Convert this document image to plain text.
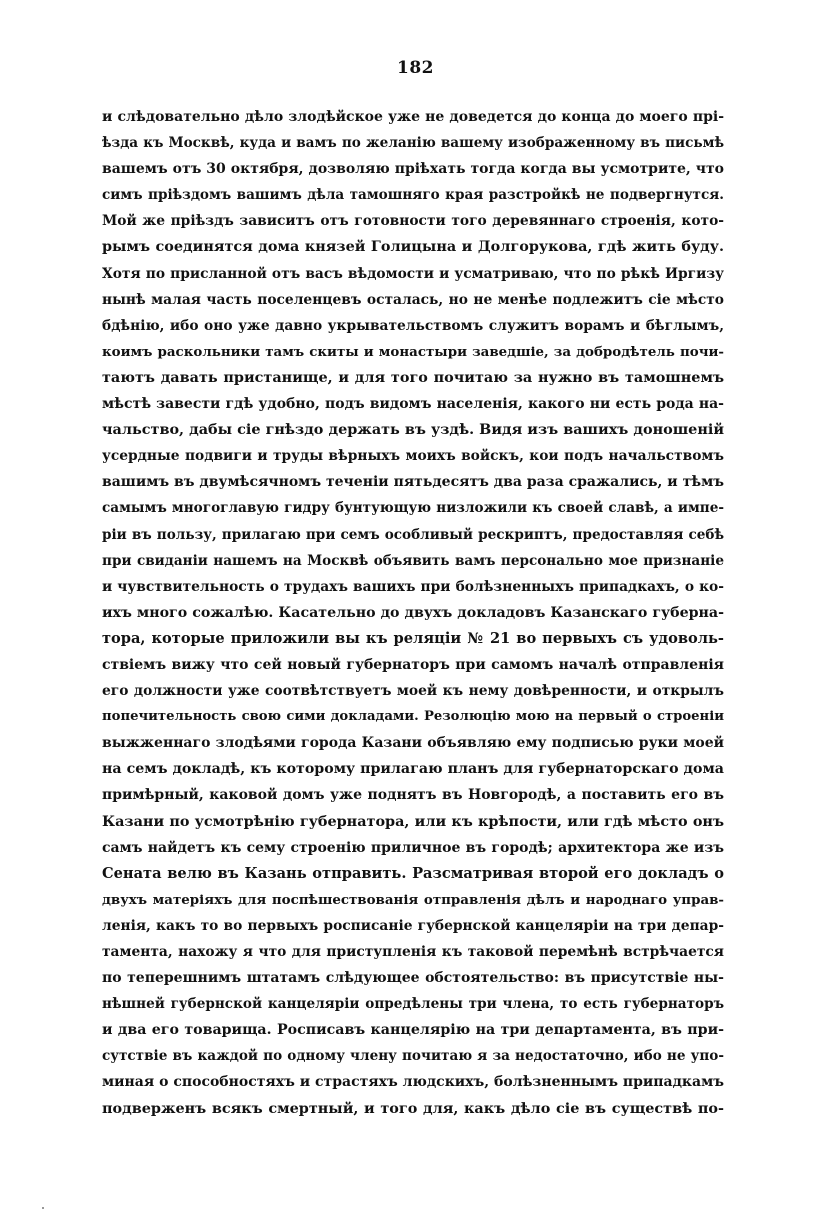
182
и слѣдовательно дѣло злодѣйское уже не доведется до конца до моего прі-
ѣзда къ Москвѣ, куда и вамъ по желанію вашему изображенному въ письмѣ
вашемъ отъ 30 октября, дозволяю пріѣхать тогда когда вы усмотрите, что
симъ пріѣздомъ вашимъ дѣла тамошняго края разстройкѣ не подвергнутся.
Мой же пріѣздъ зависитъ отъ готовности того деревяннаго строенія, кото-
рымъ соединятся дома князей Голицына и Долгорукова, гдѣ жить буду.
Хотя по присланной отъ васъ вѣдомости и усматриваю, что по рѣкѣ Иргизу
нынѣ малая часть поселенцевъ осталась, но не менѣе подлежитъ сіе мѣсто
бдѣнію, ибо оно уже давно укрывательствомъ служитъ ворамъ и бѣглымъ,
коимъ раскольники тамъ скиты и монастыри заведшіе, за добродѣтель почи-
таютъ давать пристанище, и для того почитаю за нужно въ тамошнемъ
мѣстѣ завести гдѣ удобно, подъ видомъ населенія, какого ни есть рода на-
чальство, дабы сіе гнѣздо держать въ уздѣ. Видя изъ вашихъ доношеній
усердные подвиги и труды вѣрныхъ моихъ войскъ, кои подъ начальствомъ
вашимъ въ двумѣсячномъ теченіи пятьдесятъ два раза сражались, и тѣмъ
самымъ многоглавую гидру бунтующую низложили къ своей славѣ, а импе-
ріи въ пользу, прилагаю при семъ особливый рескриптъ, предоставляя себѣ
при свиданіи нашемъ на Москвѣ объявить вамъ персонально мое признаніе
и чувствительность о трудахъ вашихъ при болѣзненныхъ припадкахъ, о ко-
ихъ много сожалѣю. Касательно до двухъ докладовъ Казанскаго губерна-
тора, которые приложили вы къ реляціи № 21 во первыхъ съ удоволь-
ствіемъ вижу что сей новый губернаторъ при самомъ началѣ отправленія
его должности уже соотвѣтствуетъ моей къ нему довѣренности, и открылъ
попечительность свою сими докладами. Резолюцію мою на первый о строеніи
выжженнаго злодѣями города Казани объявляю ему подписью руки моей
на семъ докладѣ, къ которому прилагаю планъ для губернаторскаго дома
примѣрный, каковой домъ уже поднятъ въ Новгородѣ, а поставить его въ
Казани по усмотрѣнію губернатора, или къ крѣпости, или гдѣ мѣсто онъ
самъ найдетъ къ сему строенію приличное въ городѣ; архитектора же изъ
Сената велю въ Казань отправить. Разсматривая второй его докладъ о
двухъ матеріяхъ для поспѣшествованія отправленія дѣлъ и народнаго управ-
ленія, какъ то во первыхъ росписаніе губернской канцеляріи на три депар-
тамента, нахожу я что для приступленія къ таковой перемѣнѣ встрѣчается
по теперешнимъ штатамъ слѣдующее обстоятельство: въ присутствіе ны-
нѣшней губернской канцеляріи опредѣлены три члена, то есть губернаторъ
и два его товарища. Росписавъ канцелярію на три департамента, въ при-
сутствіе въ каждой по одному члену почитаю я за недостаточно, ибо не упо-
миная о способностяхъ и страстяхъ людскихъ, болѣзненнымъ припадкамъ
подверженъ всякъ смертный, и того для, какъ дѣло сіе въ существѣ по-
